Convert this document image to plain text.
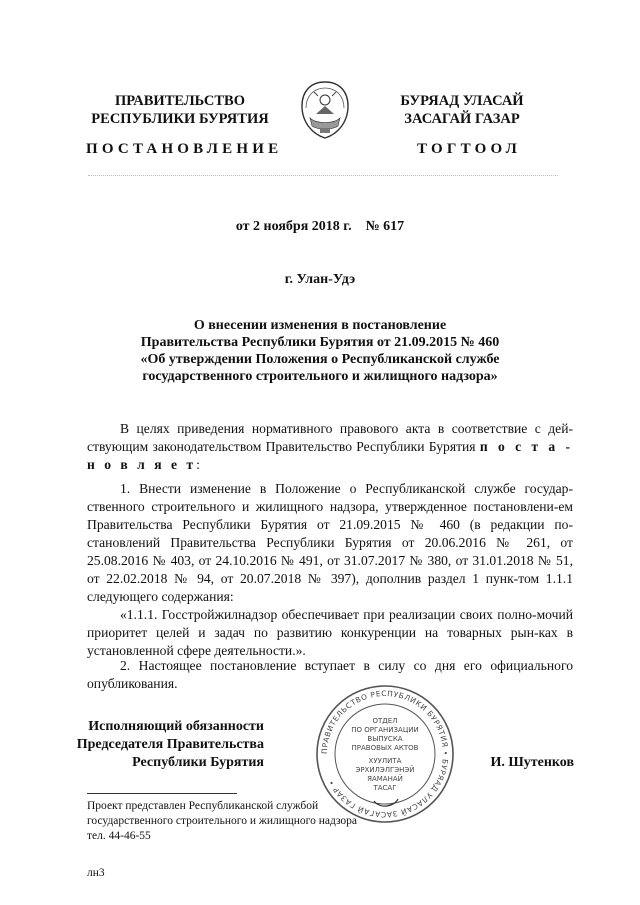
ПРАВИТЕЛЬСТВО
РЕСПУБЛИКИ БУРЯТИЯ
БУРЯАД УЛАСАЙ
ЗАСАГАЙ ГАЗАР
ПОСТАНОВЛЕНИЕ	ТОГТООЛ
от 2 ноября 2018 г.    № 617
г. Улан-Удэ
О внесении изменения в постановление
Правительства Республики Бурятия от 21.09.2015 № 460
«Об утверждении Положения о Республиканской службе
государственного строительного и жилищного надзора»

В целях приведения нормативного правового акта в соответствие с дей-ствующим законодательством Правительство Республики Бурятия п о с т а - н о в л я е т:

1. Внести изменение в Положение о Республиканской службе государ-ственного строительного и жилищного надзора, утвержденное постановлени-ем Правительства Республики Бурятия от 21.09.2015 № 460 (в редакции по-становлений Правительства Республики Бурятия от 20.06.2016 № 261, от 25.08.2016 № 403, от 24.10.2016 № 491, от 31.07.2017 № 380, от 31.01.2018 № 51, от 22.02.2018 № 94, от 20.07.2018 № 397), дополнив раздел 1 пунк-том 1.1.1 следующего содержания:

«1.1.1. Госстройжилнадзор обеспечивает при реализации своих полно-мочий приоритет целей и задач по развитию конкуренции на товарных рын-ках в установленной сфере деятельности.».

2. Настоящее постановление вступает в силу со дня его официального опубликования.

Исполняющий обязанности
Председателя Правительства
Республики Бурятия	И. Шутенков
ПРАВИТЕЛЬСТВО РЕСПУБЛИКИ БУРЯТИЯ • БУРЯАД УЛАСАЙ ЗАСАГАЙ ГАЗАР •
ОТДЕЛ
ПО ОРГАНИЗАЦИИ
ВЫПУСКА
ПРАВОВЫХ АКТОВ
ХУУЛИТА
ЭРХИЛЭЛГЭНЭЙ
ЯАМАНАЙ
ТАСАГ
Проект представлен Республиканской службой
государственного строительного и жилищного надзора
тел. 44-46-55
лн3
